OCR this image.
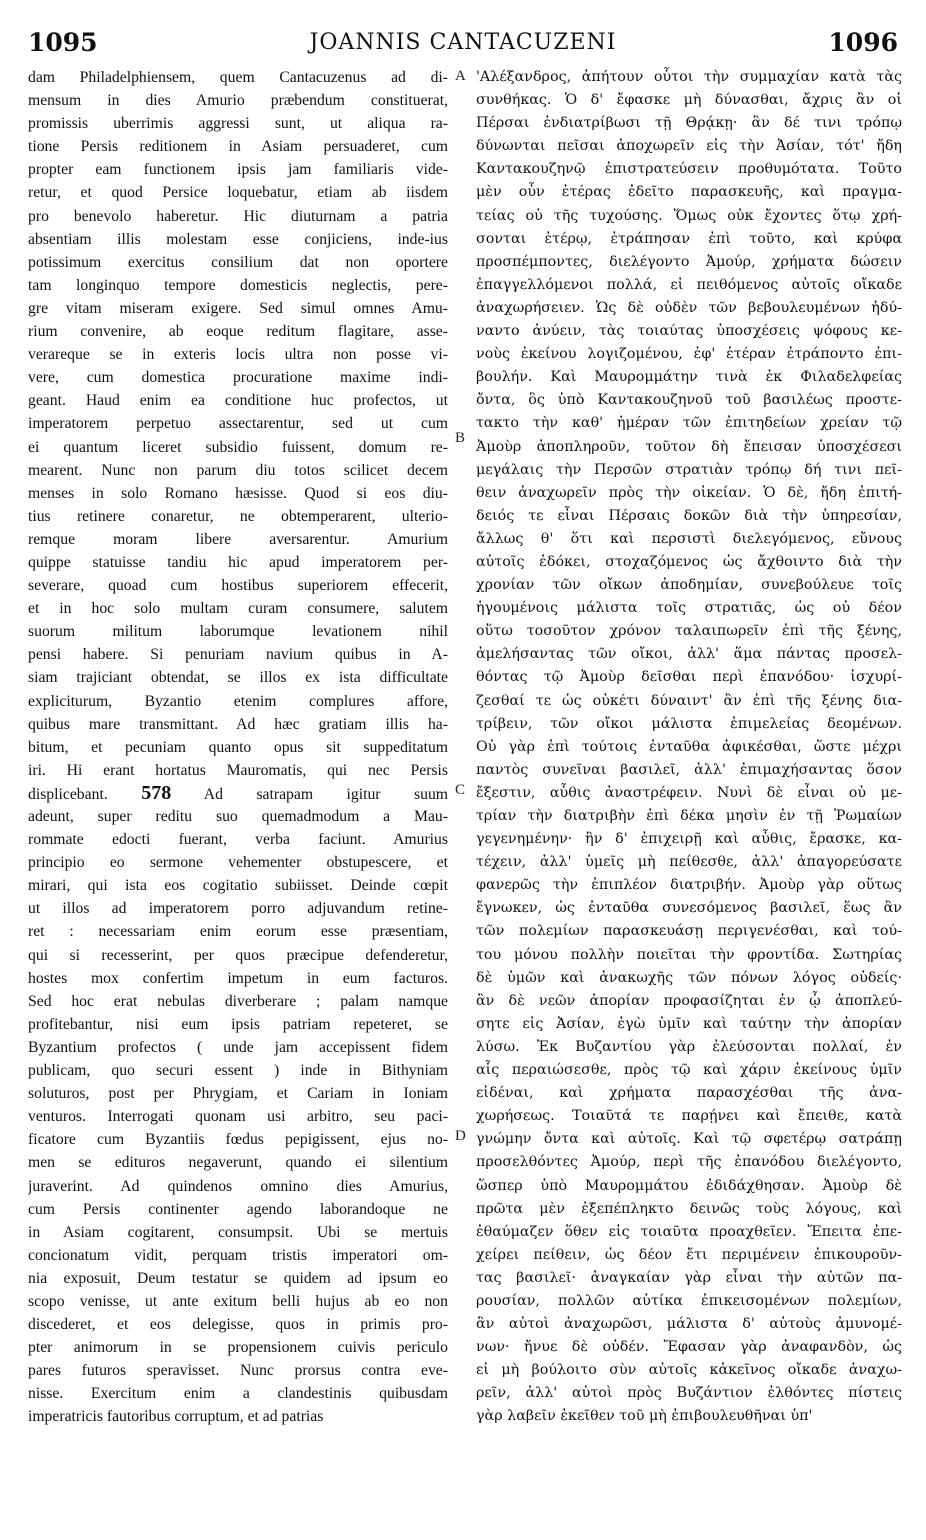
1095	JOANNIS CANTACUZENI	1096
dam Philadelphiensem, quem Cantacuzenus ad di-
mensum in dies Amurio præbendum constituerat,
promissis uberrimis aggressi sunt, ut aliqua ra-
tione Persis reditionem in Asiam persuaderet, cum
propter eam functionem ipsis jam familiaris vide-
retur, et quod Persice loquebatur, etiam ab iisdem
pro benevolo haberetur. Hic diuturnam a patria
absentiam illis molestam esse conjiciens, inde-ius
potissimum exercitus consilium dat non oportere
tam longinquo tempore domesticis neglectis, pere-
gre vitam miseram exigere. Sed simul omnes Amu-
rium convenire, ab eoque reditum flagitare, asse-
verareque se in exteris locis ultra non posse vi-
vere, cum domestica procuratione maxime indi-
geant. Haud enim ea conditione huc profectos, ut
imperatorem perpetuo assectarentur, sed ut cum
ei quantum liceret subsidio fuissent, domum re-
mearent. Nunc non parum diu totos scilicet decem
menses in solo Romano hæsisse. Quod si eos diu-
tius retinere conaretur, ne obtemperarent, ulterio-
remque moram libere aversarentur. Amurium
quippe statuisse tandiu hic apud imperatorem per-
severare, quoad cum hostibus superiorem effecerit,
et in hoc solo multam curam consumere, salutem
suorum militum laborumque levationem nihil
pensi habere. Si penuriam navium quibus in A-
siam trajiciant obtendat, se illos ex ista difficultate
expliciturum, Byzantio etenim complures affore,
quibus mare transmittant. Ad hæc gratiam illis ha-
bitum, et pecuniam quanto opus sit suppeditatum
iri. Hi erant hortatus Mauromatis, qui nec Persis
displicebant. 578 Ad satrapam igitur suum
adeunt, super reditu suo quemadmodum a Mau-
rommate edocti fuerant, verba faciunt. Amurius
principio eo sermone vehementer obstupescere, et
mirari, qui ista eos cogitatio subiisset. Deinde cœpit
ut illos ad imperatorem porro adjuvandum retine-
ret : necessariam enim eorum esse præsentiam,
qui si recesserint, per quos præcipue defenderetur,
hostes mox confertim impetum in eum facturos.
Sed hoc erat nebulas diverberare ; palam namque
profitebantur, nisi eum ipsis patriam repeteret, se
Byzantium profectos ( unde jam accepissent fidem
publicam, quo securi essent ) inde in Bithyniam
soluturos, post per Phrygiam, et Cariam in Ioniam
venturos. Interrogati quonam usi arbitro, seu paci-
ficatore cum Byzantiis fœdus pepigissent, ejus no-
men se edituros negaverunt, quando ei silentium
juraverint. Ad quindenos omnino dies Amurius,
cum Persis continenter agendo laborandoque ne
in Asiam cogitarent, consumpsit. Ubi se mertuis
concionatum vidit, perquam tristis imperatori om-
nia exposuit, Deum testatur se quidem ad ipsum eo
scopo venisse, ut ante exitum belli hujus ab eo non
discederet, et eos delegisse, quos in primis pro-
pter animorum in se propensionem cuivis periculo
pares futuros speravisset. Nunc prorsus contra eve-
nisse. Exercitum enim a clandestinis quibusdam
imperatricis fautoribus corruptum, et ad patrias
'Αλέξανδρος, ἀπήτουν οὗτοι τὴν συμμαχίαν κατὰ τὰς
συνθήκας. Ὁ δ' ἔφασκε μὴ δύνασθαι, ἄχρις ἂν οἱ
Πέρσαι ἐνδιατρίβωσι τῇ Θρᾴκῃ· ἂν δέ τινι τρόπῳ
δύνωνται πεῖσαι ἀποχωρεῖν εἰς τὴν Ἀσίαν, τότ' ἤδη
Καντακουζηνῷ ἐπιστρατεύσειν προθυμότατα. Τοῦτο
μὲν οὖν ἑτέρας ἐδεῖτο παρασκευῆς, καὶ πραγμα-
τείας οὐ τῆς τυχούσης. Ὅμως οὐκ ἔχοντες ὅτῳ χρή-
σονται ἑτέρῳ, ἐτράπησαν ἐπὶ τοῦτο, καὶ κρύφα
προσπέμποντες, διελέγοντο Ἀμούρ, χρήματα δώσειν
ἐπαγγελλόμενοι πολλά, εἰ πειθόμενος αὐτοῖς οἴκαδε
ἀναχωρήσειεν. Ὡς δὲ οὐδὲν τῶν βεβουλευμένων ἠδύ-
ναντο ἀνύειν, τὰς τοιαύτας ὑποσχέσεις ψόφους κε-
νοὺς ἐκείνου λογιζομένου, ἐφ' ἑτέραν ἐτράποντο ἐπι-
βουλήν. Καὶ Μαυρομμάτην τινὰ ἐκ Φιλαδελφείας
ὄντα, ὃς ὑπὸ Καντακουζηνοῦ τοῦ βασιλέως προστε-
τακτο τὴν καθ' ἡμέραν τῶν ἐπιτηδείων χρείαν τῷ
Ἀμοὺρ ἀποπληροῦν, τοῦτον δὴ ἔπεισαν ὑποσχέσεσι
μεγάλαις τὴν Περσῶν στρατιὰν τρόπῳ δή τινι πεῖ-
θειν ἀναχωρεῖν πρὸς τὴν οἰκείαν. Ὁ δὲ, ἤδη ἐπιτή-
δειός τε εἶναι Πέρσαις δοκῶν διὰ τὴν ὑπηρεσίαν,
ἄλλως θ' ὅτι καὶ περσιστὶ διελεγόμενος, εὔνους
αὐτοῖς ἐδόκει, στοχαζόμενος ὡς ἄχθοιντο διὰ τὴν
χρονίαν τῶν οἴκων ἀποδημίαν, συνεβούλευε τοῖς
ἡγουμένοις μάλιστα τοῖς στρατιᾶς, ὡς οὐ δέον
οὕτω τοσοῦτον χρόνον ταλαιπωρεῖν ἐπὶ τῆς ξένης,
ἀμελήσαντας τῶν οἴκοι, ἀλλ' ἅμα πάντας προσελ-
θόντας τῷ Ἀμοὺρ δεῖσθαι περὶ ἐπανόδου· ἰσχυρί-
ζεσθαί τε ὡς οὐκέτι δύναιντ' ἂν ἐπὶ τῆς ξένης δια-
τρίβειν, τῶν οἴκοι μάλιστα ἐπιμελείας δεομένων.
Οὐ γὰρ ἐπὶ τούτοις ἐνταῦθα ἀφικέσθαι, ὥστε μέχρι
παντὸς συνεῖναι βασιλεῖ, ἀλλ' ἐπιμαχήσαντας ὅσον
ἔξεστιν, αὖθις ἀναστρέφειν. Νυνὶ δὲ εἶναι οὐ με-
τρίαν τὴν διατριβὴν ἐπὶ δέκα μησὶν ἐν τῇ Ῥωμαίων
γεγενημένην· ἣν δ' ἐπιχειρῇ καὶ αὖθις, ἔρασκε, κα-
τέχειν, ἀλλ' ὑμεῖς μὴ πείθεσθε, ἀλλ' ἀπαγορεύσατε
φανερῶς τὴν ἐπιπλέον διατριβήν. Ἀμοὺρ γὰρ οὕτως
ἔγνωκεν, ὡς ἐνταῦθα συνεσόμενος βασιλεῖ, ἕως ἂν
τῶν πολεμίων παρασκευάσῃ περιγενέσθαι, καὶ τού-
του μόνου πολλὴν ποιεῖται τὴν φροντίδα. Σωτηρίας
δὲ ὑμῶν καὶ ἀνακωχῆς τῶν πόνων λόγος οὐδείς·
ἂν δὲ νεῶν ἀπορίαν προφασίζηται ἐν ᾧ ἀποπλεύ-
σητε εἰς Ἀσίαν, ἐγὼ ὑμῖν καὶ ταύτην τὴν ἀπορίαν
λύσω. Ἐκ Βυζαντίου γὰρ ἐλεύσονται πολλαί, ἐν
αἷς περαιώσεσθε, πρὸς τῷ καὶ χάριν ἐκείνους ὑμῖν
εἰδέναι, καὶ χρήματα παρασχέσθαι τῆς ἀνα-
χωρήσεως. Τοιαῦτά τε παρῄνει καὶ ἔπειθε, κατὰ
γνώμην ὄντα καὶ αὐτοῖς. Καὶ τῷ σφετέρῳ σατράπῃ
προσελθόντες Ἀμούρ, περὶ τῆς ἐπανόδου διελέγοντο,
ὥσπερ ὑπὸ Μαυρομμάτου ἐδιδάχθησαν. Ἀμοὺρ δὲ
πρῶτα μὲν ἐξεπέπληκτο δεινῶς τοὺς λόγους, καὶ
ἐθαύμαζεν ὅθεν εἰς τοιαῦτα προαχθεῖεν. Ἔπειτα ἐπε-
χείρει πείθειν, ὡς δέον ἔτι περιμένειν ἐπικουροῦν-
τας βασιλεῖ· ἀναγκαίαν γὰρ εἶναι τὴν αὐτῶν πα-
ρουσίαν, πολλῶν αὐτίκα ἐπικεισομένων πολεμίων,
ἂν αὐτοὶ ἀναχωρῶσι, μάλιστα δ' αὐτοὺς ἀμυνομέ-
νων· ἤνυε δὲ οὐδέν. Ἔφασαν γὰρ ἀναφανδὸν, ὡς
εἰ μὴ βούλοιτο σὺν αὐτοῖς κἀκεῖνος οἴκαδε ἀναχω-
ρεῖν, ἀλλ' αὐτοὶ πρὸς Βυζάντιον ἐλθόντες πίστεις
γὰρ λαβεῖν ἐκεῖθεν τοῦ μὴ ἐπιβουλευθῆναι ὑπ'
A
B
C
D
